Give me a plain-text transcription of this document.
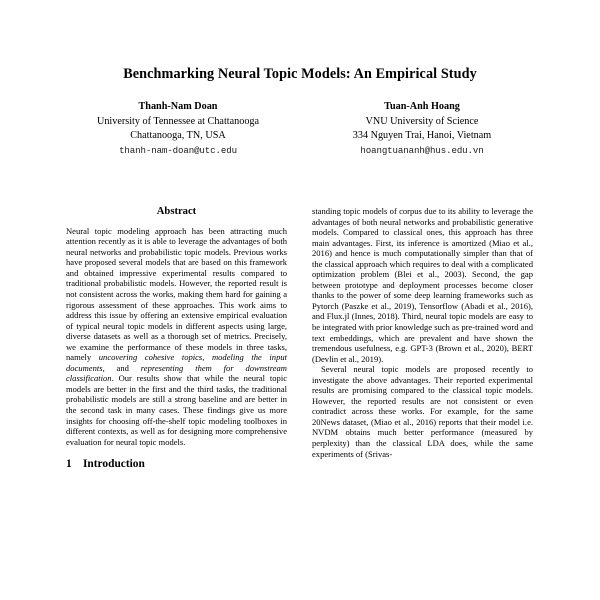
Benchmarking Neural Topic Models: An Empirical Study
Thanh-Nam Doan
University of Tennessee at Chattanooga
Chattanooga, TN, USA
thanh-nam-doan@utc.edu
Tuan-Anh Hoang
VNU University of Science
334 Nguyen Trai, Hanoi, Vietnam
hoangtuananh@hus.edu.vn
Abstract

Neural topic modeling approach has been attracting much attention recently as it is able to leverage the advantages of both neural networks and probabilistic topic models. Previous works have proposed several models that are based on this framework and obtained impressive experimental results compared to traditional probabilistic models. However, the reported result is not consistent across the works, making them hard for gaining a rigorous assessment of these approaches. This work aims to address this issue by offering an extensive empirical evaluation of typical neural topic models in different aspects using large, diverse datasets as well as a thorough set of metrics. Precisely, we examine the performance of these models in three tasks, namely uncovering cohesive topics, modeling the input documents, and representing them for downstream classification. Our results show that while the neural topic models are better in the first and the third tasks, the traditional probabilistic models are still a strong baseline and are better in the second task in many cases. These findings give us more insights for choosing off-the-shelf topic modeling toolboxes in different contexts, as well as for designing more comprehensive evaluation for neural topic models.

1 Introduction

standing topic models of corpus due to its ability to leverage the advantages of both neural networks and probabilistic generative models. Compared to classical ones, this approach has three main advantages. First, its inference is amortized (Miao et al., 2016) and hence is much computationally simpler than that of the classical approach which requires to deal with a complicated optimization problem (Blei et al., 2003). Second, the gap between prototype and deployment processes become closer thanks to the power of some deep learning frameworks such as Pytorch (Paszke et al., 2019), Tensorflow (Abadi et al., 2016), and Flux.jl (Innes, 2018). Third, neural topic models are easy to be integrated with prior knowledge such as pre-trained word and text embeddings, which are prevalent and have shown the tremendous usefulness, e.g. GPT-3 (Brown et al., 2020), BERT (Devlin et al., 2019).

Several neural topic models are proposed recently to investigate the above advantages. Their reported experimental results are promising compared to the classical topic models. However, the reported results are not consistent or even contradict across these works. For example, for the same 20News dataset, (Miao et al., 2016) reports that their model i.e. NVDM obtains much better performance (measured by perplexity) than the classical LDA does, while the same experiments of (Srivas-
